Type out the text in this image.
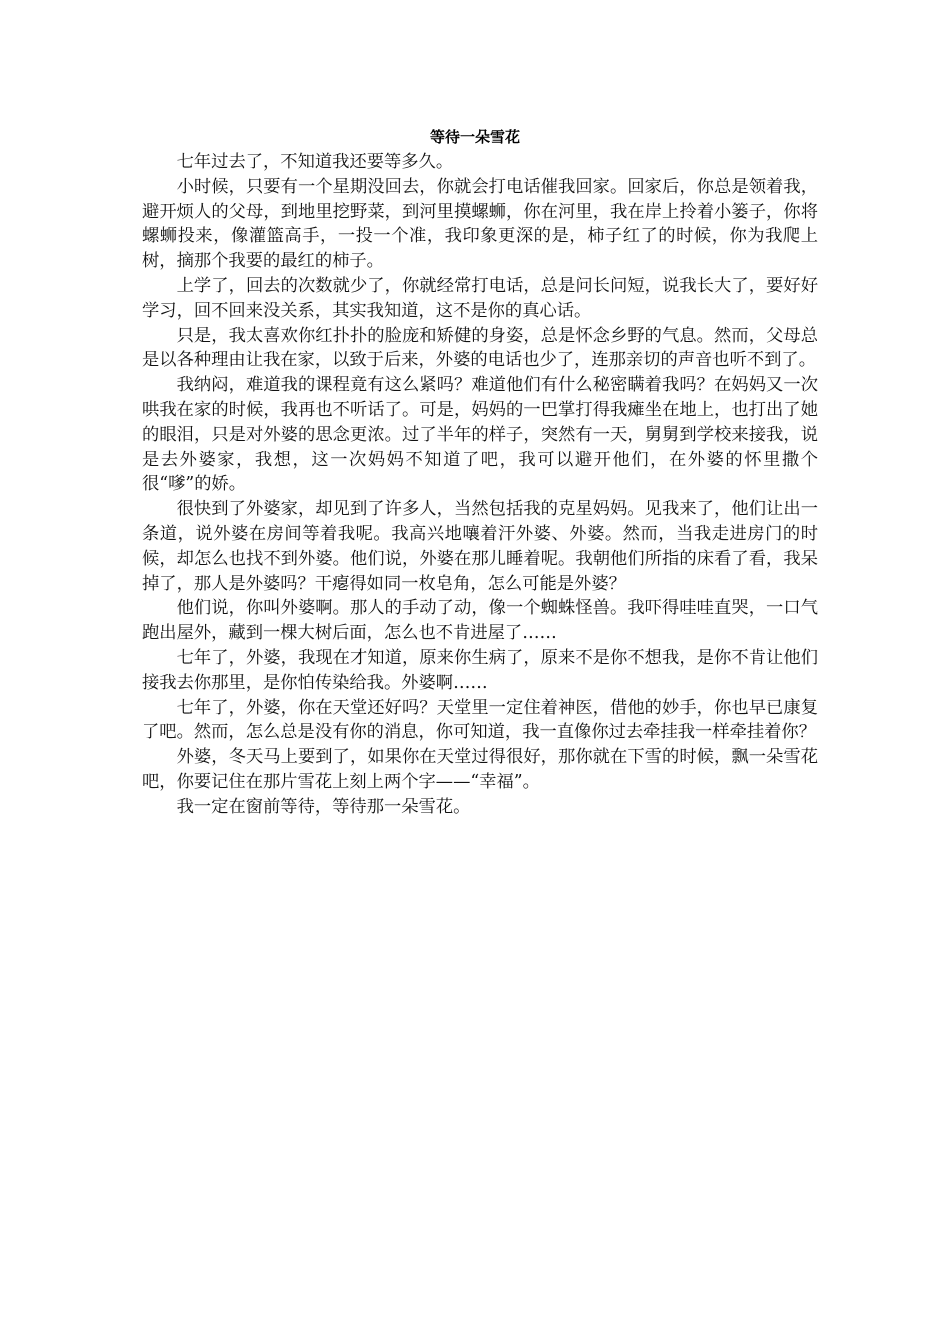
等待一朵雪花

七年过去了，不知道我还要等多久。

小时候，只要有一个星期没回去，你就会打电话催我回家。回家后，你总是领着我，避开烦人的父母，到地里挖野菜，到河里摸螺蛳，你在河里，我在岸上拎着小篓子，你将螺蛳投来，像灌篮高手，一投一个准，我印象更深的是，柿子红了的时候，你为我爬上树，摘那个我要的最红的柿子。

上学了，回去的次数就少了，你就经常打电话，总是问长问短，说我长大了，要好好学习，回不回来没关系，其实我知道，这不是你的真心话。

只是，我太喜欢你红扑扑的脸庞和矫健的身姿，总是怀念乡野的气息。然而，父母总是以各种理由让我在家，以致于后来，外婆的电话也少了，连那亲切的声音也听不到了。

我纳闷，难道我的课程竟有这么紧吗？难道他们有什么秘密瞒着我吗？在妈妈又一次哄我在家的时候，我再也不听话了。可是，妈妈的一巴掌打得我瘫坐在地上，也打出了她的眼泪，只是对外婆的思念更浓。过了半年的样子，突然有一天，舅舅到学校来接我，说是去外婆家，我想，这一次妈妈不知道了吧，我可以避开他们，在外婆的怀里撒个很“嗲”的娇。

很快到了外婆家，却见到了许多人，当然包括我的克星妈妈。见我来了，他们让出一条道，说外婆在房间等着我呢。我高兴地嚷着汗外婆、外婆。然而，当我走进房门的时候，却怎么也找不到外婆。他们说，外婆在那儿睡着呢。我朝他们所指的床看了看，我呆掉了，那人是外婆吗？干瘪得如同一枚皂角，怎么可能是外婆？

他们说，你叫外婆啊。那人的手动了动，像一个蜘蛛怪兽。我吓得哇哇直哭，一口气跑出屋外，藏到一棵大树后面，怎么也不肯进屋了……

七年了，外婆，我现在才知道，原来你生病了，原来不是你不想我，是你不肯让他们接我去你那里，是你怕传染给我。外婆啊……

七年了，外婆，你在天堂还好吗？天堂里一定住着神医，借他的妙手，你也早已康复了吧。然而，怎么总是没有你的消息，你可知道，我一直像你过去牵挂我一样牵挂着你？

外婆，冬天马上要到了，如果你在天堂过得很好，那你就在下雪的时候，飘一朵雪花吧，你要记住在那片雪花上刻上两个字——“幸福”。

我一定在窗前等待，等待那一朵雪花。
